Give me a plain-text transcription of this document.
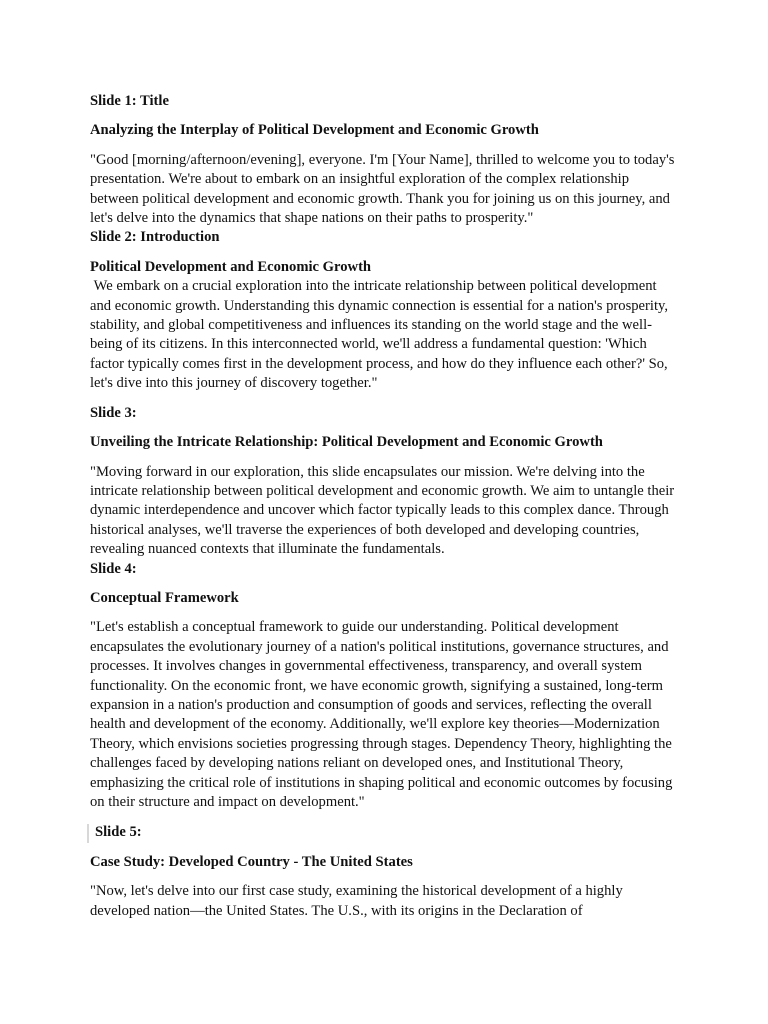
Slide 1: Title

Analyzing the Interplay of Political Development and Economic Growth

"Good [morning/afternoon/evening], everyone. I'm [Your Name], thrilled to welcome you to today's presentation. We're about to embark on an insightful exploration of the complex relationship between political development and economic growth. Thank you for joining us on this journey, and let's delve into the dynamics that shape nations on their paths to prosperity."

Slide 2: Introduction

Political Development and Economic Growth

We embark on a crucial exploration into the intricate relationship between political development and economic growth. Understanding this dynamic connection is essential for a nation's prosperity, stability, and global competitiveness and influences its standing on the world stage and the well-being of its citizens. In this interconnected world, we'll address a fundamental question: 'Which factor typically comes first in the development process, and how do they influence each other?' So, let's dive into this journey of discovery together."

Slide 3:

Unveiling the Intricate Relationship: Political Development and Economic Growth

"Moving forward in our exploration, this slide encapsulates our mission. We're delving into the intricate relationship between political development and economic growth. We aim to untangle their dynamic interdependence and uncover which factor typically leads to this complex dance. Through historical analyses, we'll traverse the experiences of both developed and developing countries, revealing nuanced contexts that illuminate the fundamentals.

Slide 4:

Conceptual Framework

"Let's establish a conceptual framework to guide our understanding. Political development encapsulates the evolutionary journey of a nation's political institutions, governance structures, and processes. It involves changes in governmental effectiveness, transparency, and overall system functionality. On the economic front, we have economic growth, signifying a sustained, long-term expansion in a nation's production and consumption of goods and services, reflecting the overall health and development of the economy. Additionally, we'll explore key theories—Modernization Theory, which envisions societies progressing through stages. Dependency Theory, highlighting the challenges faced by developing nations reliant on developed ones, and Institutional Theory, emphasizing the critical role of institutions in shaping political and economic outcomes by focusing on their structure and impact on development."

Slide 5:

Case Study: Developed Country - The United States

"Now, let's delve into our first case study, examining the historical development of a highly developed nation—the United States. The U.S., with its origins in the Declaration of
